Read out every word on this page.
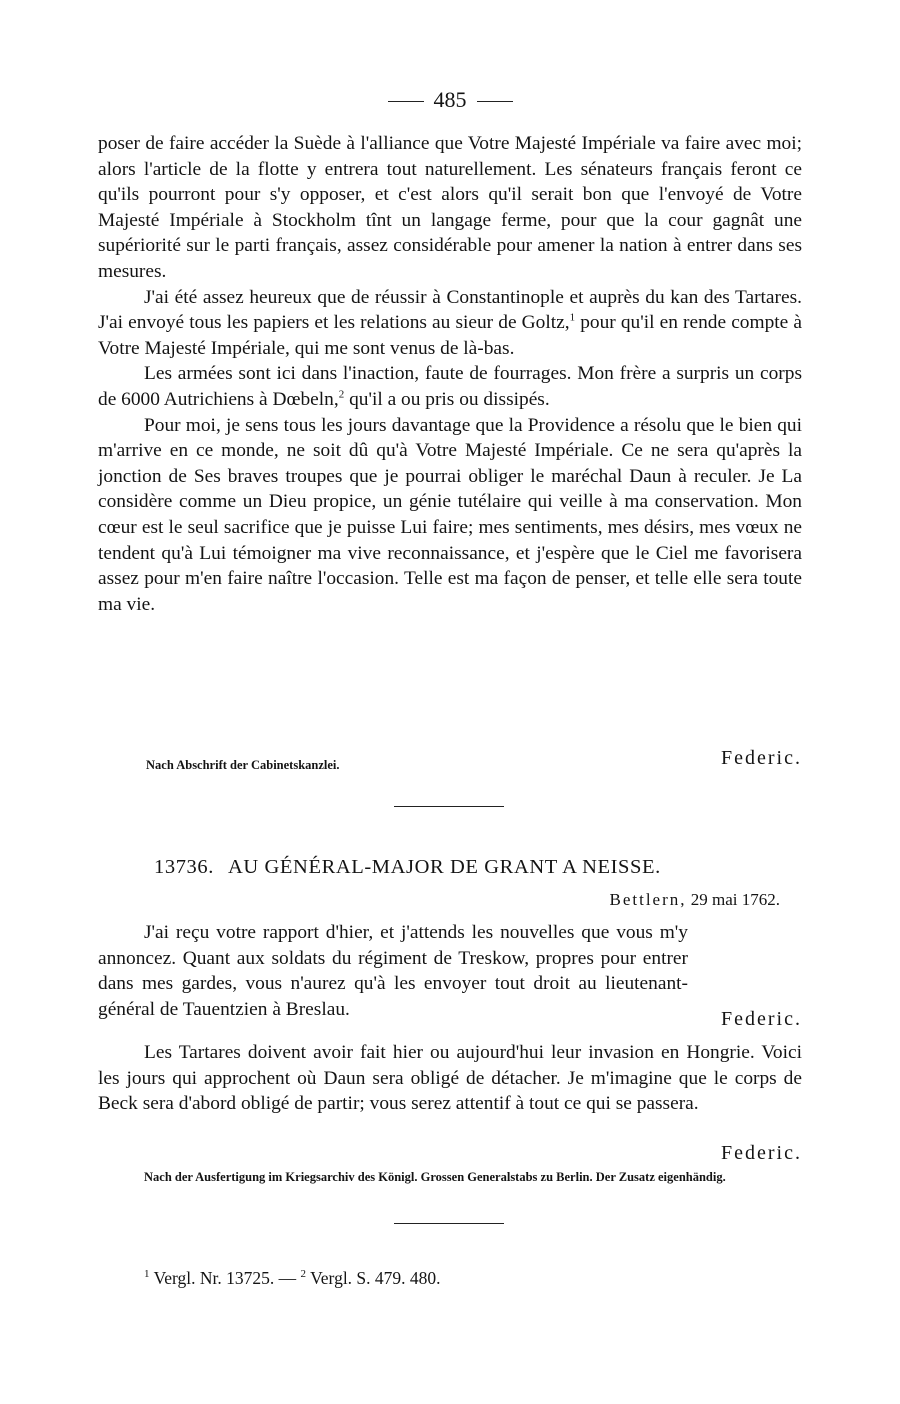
485

poser de faire accéder la Suède à l'alliance que Votre Majesté Impériale va faire avec moi; alors l'article de la flotte y entrera tout naturellement. Les sénateurs français feront ce qu'ils pourront pour s'y opposer, et c'est alors qu'il serait bon que l'envoyé de Votre Majesté Impériale à Stockholm tînt un langage ferme, pour que la cour gagnât une supériorité sur le parti français, assez considérable pour amener la nation à entrer dans ses mesures.

J'ai été assez heureux que de réussir à Constantinople et auprès du kan des Tartares. J'ai envoyé tous les papiers et les relations au sieur de Goltz,$^1$ pour qu'il en rende compte à Votre Majesté Impériale, qui me sont venus de là-bas.

Les armées sont ici dans l'inaction, faute de fourrages. Mon frère a surpris un corps de 6000 Autrichiens à Dœbeln,$^2$ qu'il a ou pris ou dissipés.

Pour moi, je sens tous les jours davantage que la Providence a résolu que le bien qui m'arrive en ce monde, ne soit dû qu'à Votre Majesté Impériale. Ce ne sera qu'après la jonction de Ses braves troupes que je pourrai obliger le maréchal Daun à reculer. Je La considère comme un Dieu propice, un génie tutélaire qui veille à ma conservation. Mon cœur est le seul sacrifice que je puisse Lui faire; mes sentiments, mes désirs, mes vœux ne tendent qu'à Lui témoigner ma vive reconnaissance, et j'espère que le Ciel me favorisera assez pour m'en faire naître l'occasion. Telle est ma façon de penser, et telle elle sera toute ma vie.

Nach Abschrift der Cabinetskanzlei.	Federic.
13736. AU GÉNÉRAL-MAJOR DE GRANT A NEISSE.
Bettlern, 29 mai 1762.

J'ai reçu votre rapport d'hier, et j'attends les nouvelles que vous m'y annoncez. Quant aux soldats du régiment de Treskow, propres pour entrer dans mes gardes, vous n'aurez qu'à les envoyer tout droit au lieutenant-général de Tauentzien à Breslau.	Federic.

Les Tartares doivent avoir fait hier ou aujourd'hui leur invasion en Hongrie. Voici les jours qui approchent où Daun sera obligé de détacher. Je m'imagine que le corps de Beck sera d'abord obligé de partir; vous serez attentif à tout ce qui se passera.

Federic.
Nach der Ausfertigung im Kriegsarchiv des Königl. Grossen Generalstabs zu Berlin. Der Zusatz eigenhändig.
$^1$ Vergl. Nr. 13725. — $^2$ Vergl. S. 479. 480.
